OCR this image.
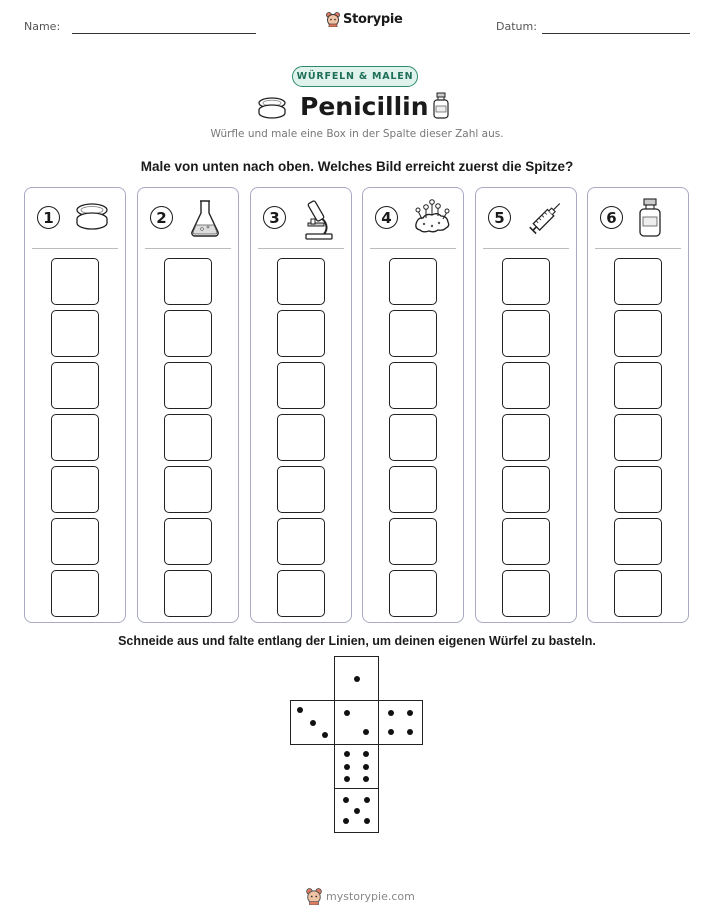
Name:	Storypie	Datum:
WÜRFELN & MALEN
Penicillin
Würfle und male eine Box in der Spalte dieser Zahl aus.
Male von unten nach oben. Welches Bild erreicht zuerst die Spitze?
1	2	3	4	5	6
Schneide aus und falte entlang der Linien, um deinen eigenen Würfel zu basteln.
mystorypie.com
